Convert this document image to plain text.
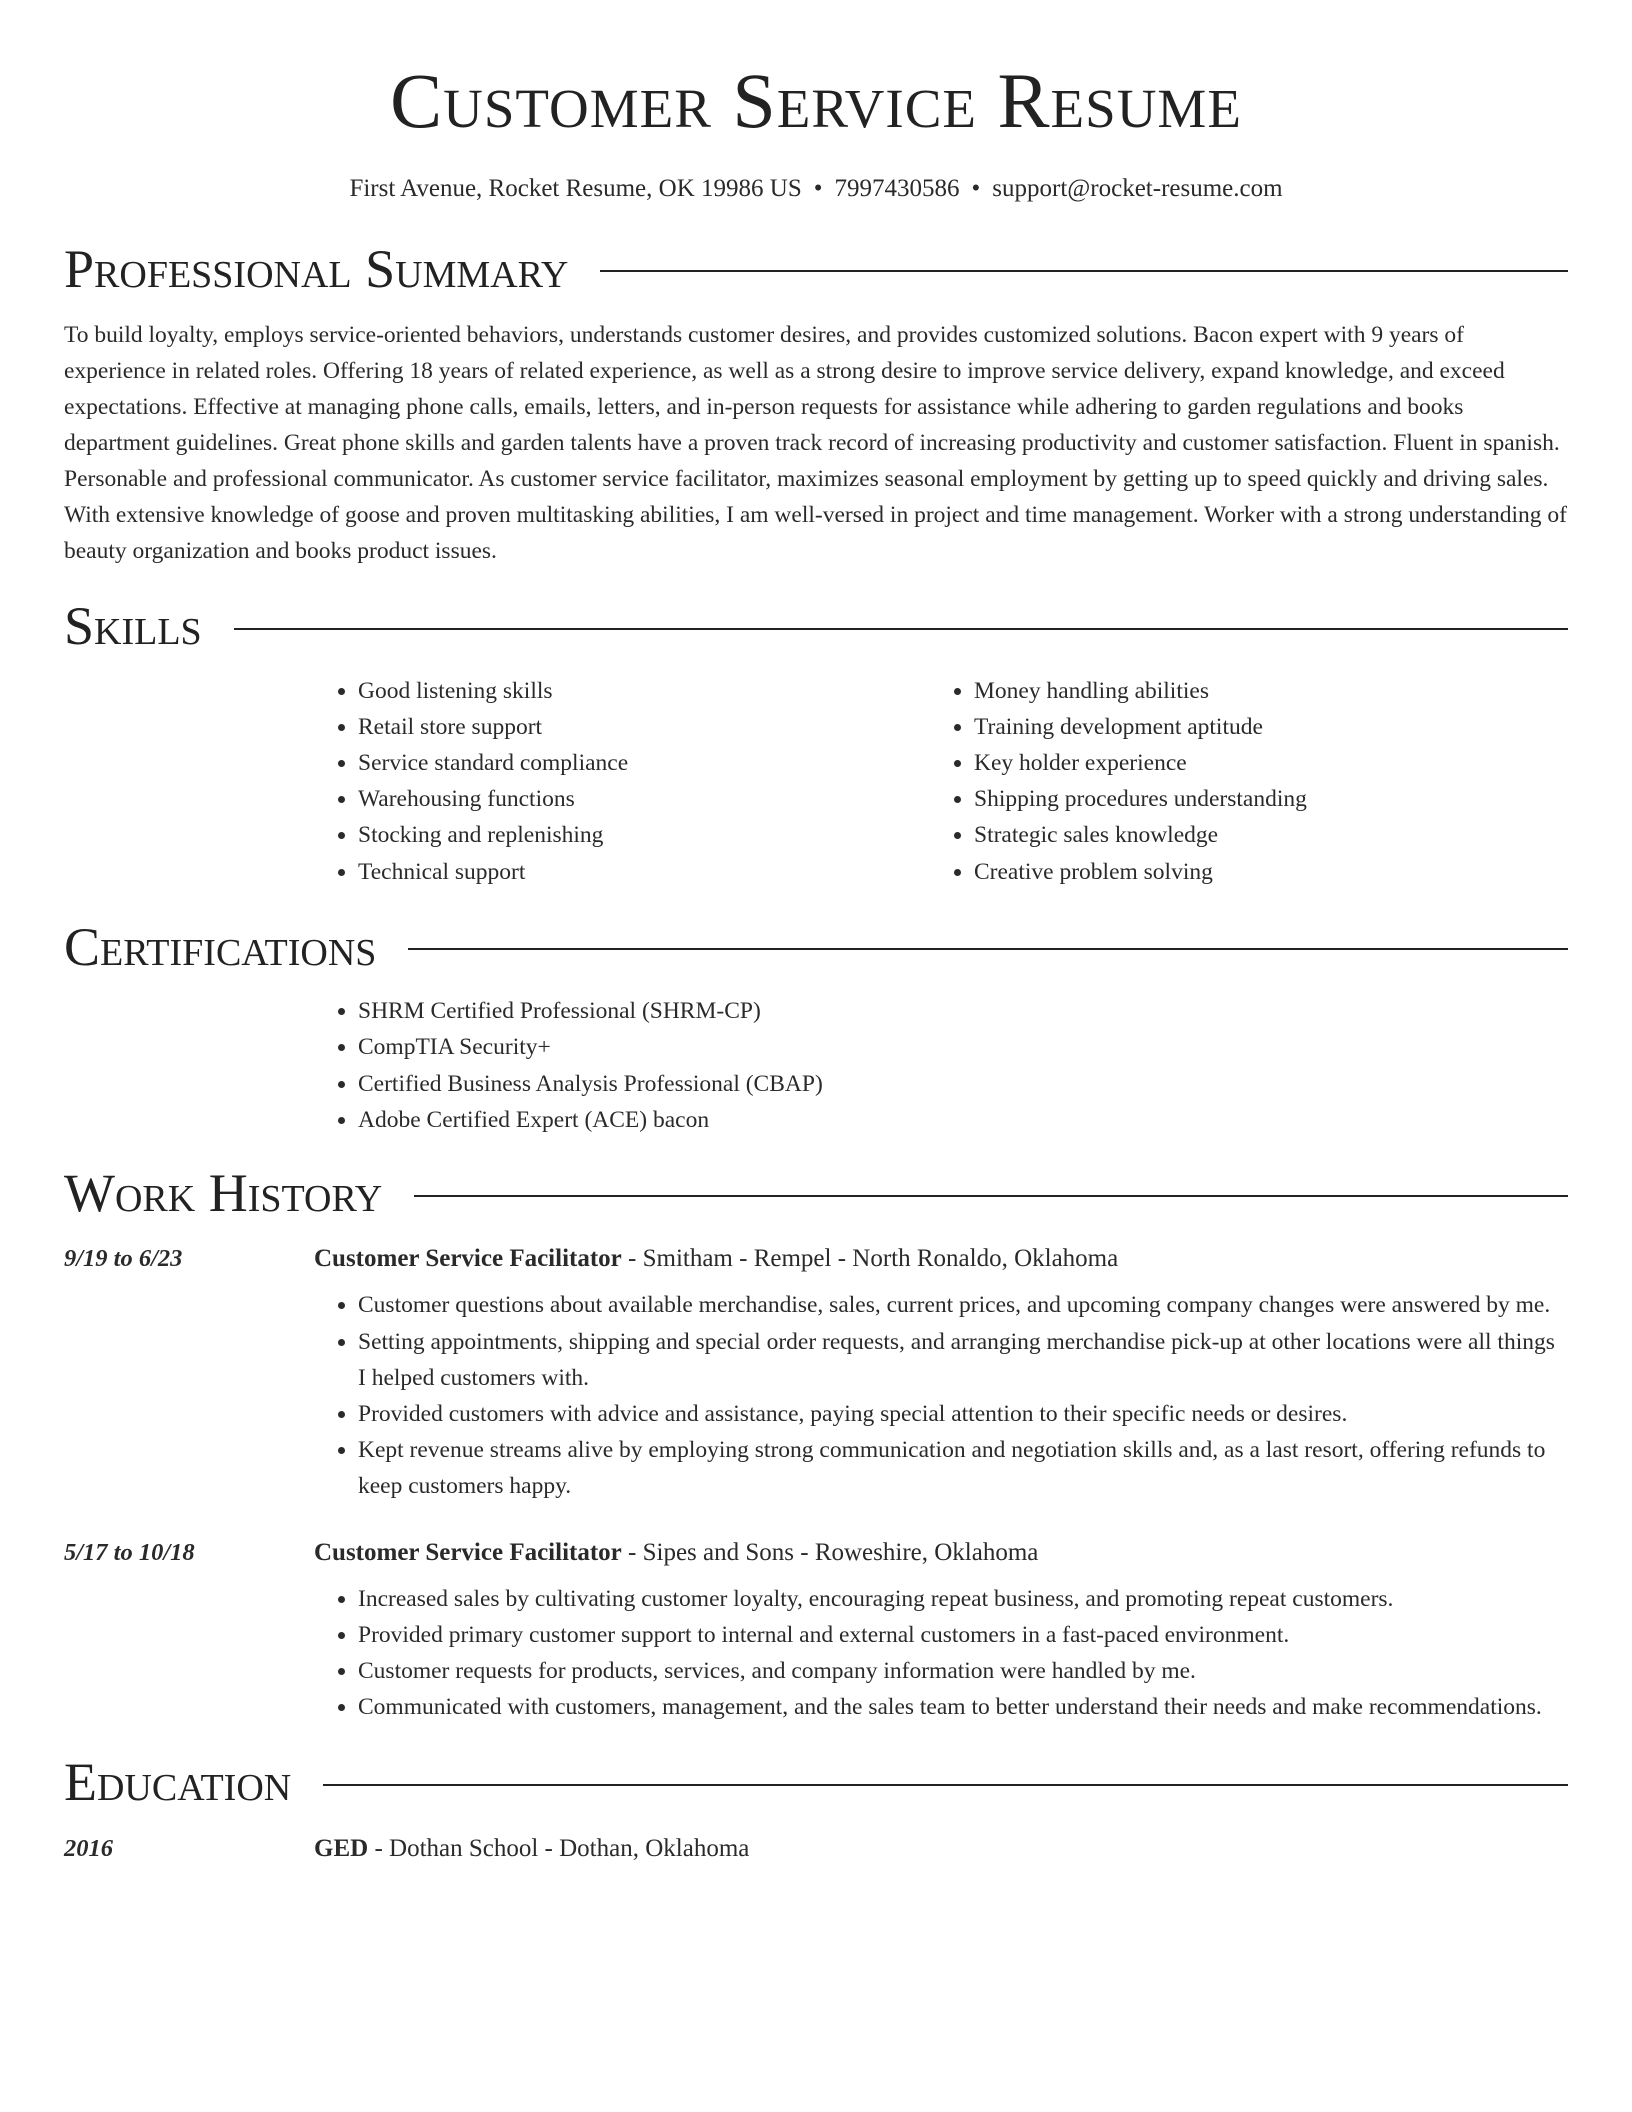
Customer Service Resume
First Avenue, Rocket Resume, OK 19986 US • 7997430586 • support@rocket-resume.com
Professional Summary

To build loyalty, employs service-oriented behaviors, understands customer desires, and provides customized solutions. Bacon expert with 9 years of experience in related roles. Offering 18 years of related experience, as well as a strong desire to improve service delivery, expand knowledge, and exceed expectations. Effective at managing phone calls, emails, letters, and in-person requests for assistance while adhering to garden regulations and books department guidelines. Great phone skills and garden talents have a proven track record of increasing productivity and customer satisfaction. Fluent in spanish. Personable and professional communicator. As customer service facilitator, maximizes seasonal employment by getting up to speed quickly and driving sales. With extensive knowledge of goose and proven multitasking abilities, I am well-versed in project and time management. Worker with a strong understanding of beauty organization and books product issues.

Skills
• Good listening skills
• Retail store support
• Service standard compliance
• Warehousing functions
• Stocking and replenishing
• Technical support
• Money handling abilities
• Training development aptitude
• Key holder experience
• Shipping procedures understanding
• Strategic sales knowledge
• Creative problem solving
Certifications
• SHRM Certified Professional (SHRM-CP)
• CompTIA Security+
• Certified Business Analysis Professional (CBAP)
• Adobe Certified Expert (ACE) bacon
Work History
9/19 to 6/23	Customer Service Facilitator - Smitham - Rempel - North Ronaldo, Oklahoma
• Customer questions about available merchandise, sales, current prices, and upcoming company changes were answered by me.
• Setting appointments, shipping and special order requests, and arranging merchandise pick-up at other locations were all things I helped customers with.
• Provided customers with advice and assistance, paying special attention to their specific needs or desires.
• Kept revenue streams alive by employing strong communication and negotiation skills and, as a last resort, offering refunds to keep customers happy.
5/17 to 10/18	Customer Service Facilitator - Sipes and Sons - Roweshire, Oklahoma
• Increased sales by cultivating customer loyalty, encouraging repeat business, and promoting repeat customers.
• Provided primary customer support to internal and external customers in a fast-paced environment.
• Customer requests for products, services, and company information were handled by me.
• Communicated with customers, management, and the sales team to better understand their needs and make recommendations.
Education
2016	GED - Dothan School - Dothan, Oklahoma
